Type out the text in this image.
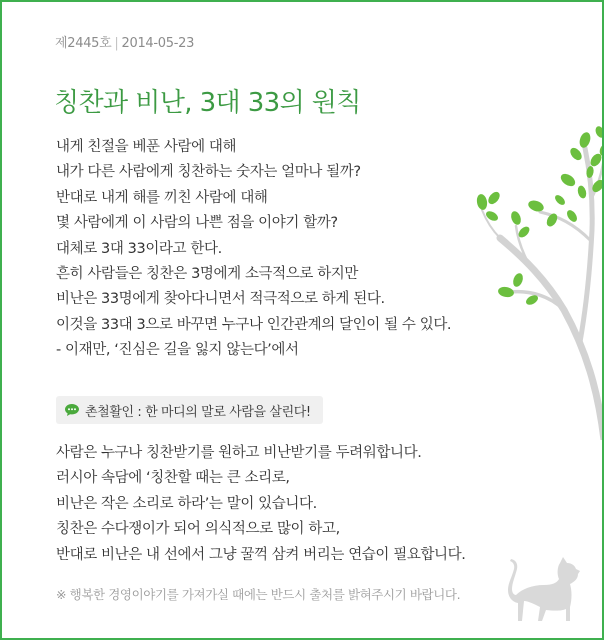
제2445호 | 2014-05-23
칭찬과 비난, 3대 33의 원칙
내게 친절을 베푼 사람에 대해
내가 다른 사람에게 칭찬하는 숫자는 얼마나 될까?
반대로 내게 해를 끼친 사람에 대해
몇 사람에게 이 사람의 나쁜 점을 이야기 할까?
대체로 3대 33이라고 한다.
흔히 사람들은 칭찬은 3명에게 소극적으로 하지만
비난은 33명에게 찾아다니면서 적극적으로 하게 된다.
이것을 33대 3으로 바꾸면 누구나 인간관계의 달인이 될 수 있다.
- 이재만, ‘진심은 길을 잃지 않는다’에서
촌철활인 : 한 마디의 말로 사람을 살린다!
사람은 누구나 칭찬받기를 원하고 비난받기를 두려워합니다.
러시아 속담에 ‘칭찬할 때는 큰 소리로,
비난은 작은 소리로 하라’는 말이 있습니다.
칭찬은 수다쟁이가 되어 의식적으로 많이 하고,
반대로 비난은 내 선에서 그냥 꿀꺽 삼켜 버리는 연습이 필요합니다.
※ 행복한 경영이야기를 가져가실 때에는 반드시 출처를 밝혀주시기 바랍니다.
